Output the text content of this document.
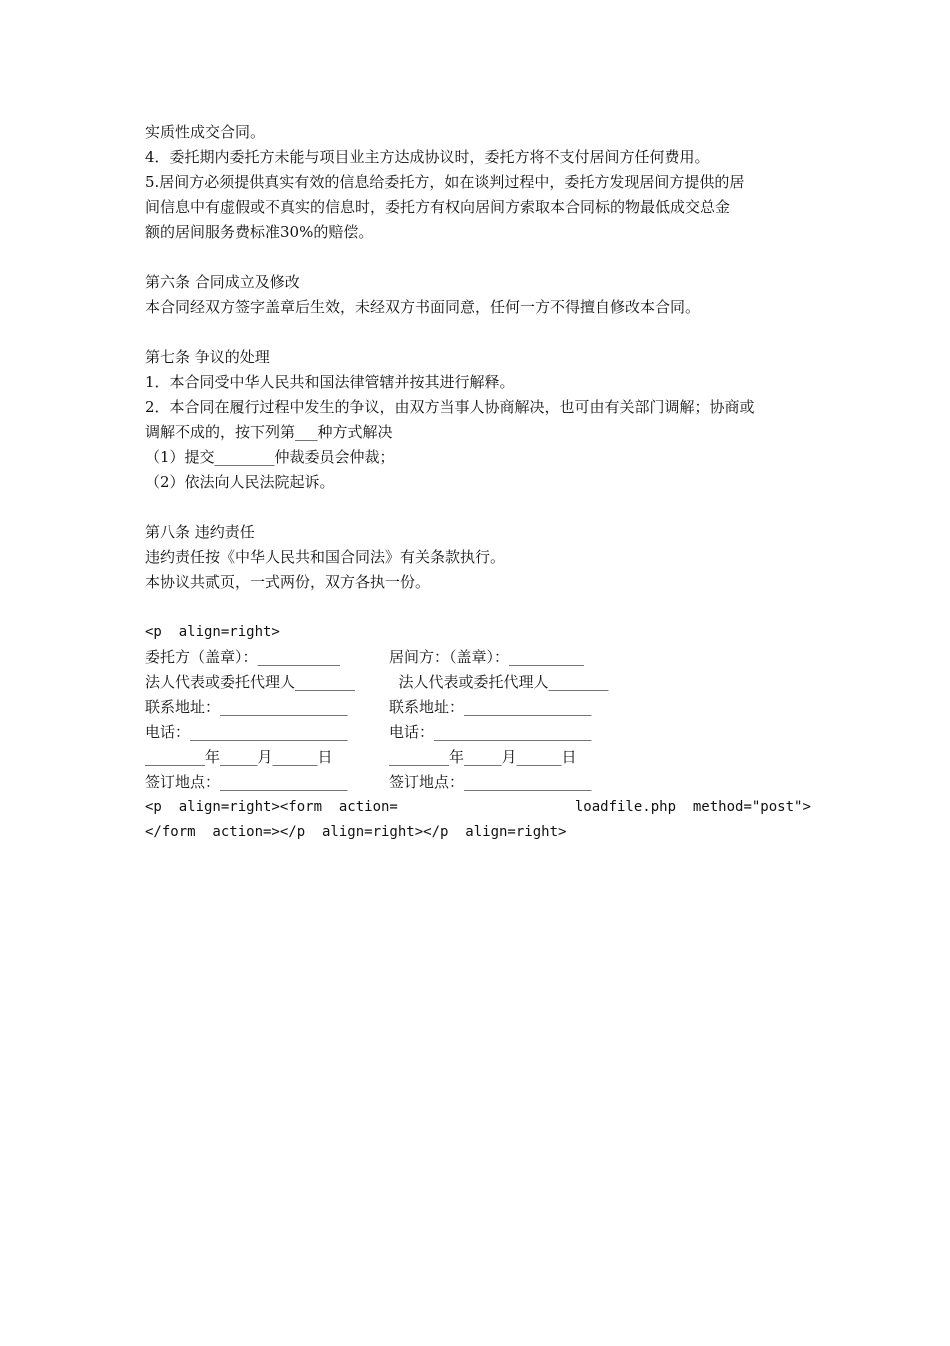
实质性成交合同。
4．委托期内委托方未能与项目业主方达成协议时，委托方将不支付居间方任何费用。
5.居间方必须提供真实有效的信息给委托方，如在谈判过程中，委托方发现居间方提供的居
间信息中有虚假或不真实的信息时，委托方有权向居间方索取本合同标的物最低成交总金
额的居间服务费标准30%的赔偿。
第六条 合同成立及修改
本合同经双方签字盖章后生效，未经双方书面同意，任何一方不得擅自修改本合同。
第七条 争议的处理
1．本合同受中华人民共和国法律管辖并按其进行解释。
2．本合同在履行过程中发生的争议，由双方当事人协商解决，也可由有关部门调解；协商或
调解不成的，按下列第___种方式解决
（1）提交________仲裁委员会仲裁；
（2）依法向人民法院起诉。
第八条 违约责任
违约责任按《中华人民共和国合同法》有关条款执行。
本协议共贰页，一式两份，双方各执一份。
<p  align=right>
委托方（盖章）：___________	居间方：（盖章）：__________
法人代表或委托代理人________	法人代表或委托代理人________
联系地址：_________________	联系地址：_________________
电话：_____________________	电话：_____________________
________年_____月______日	________年_____月______日
签订地点：_________________	签订地点：_________________
<p  align=right><form  action=                     loadfile.php  method="post">
</form  action=></p  align=right></p  align=right>
